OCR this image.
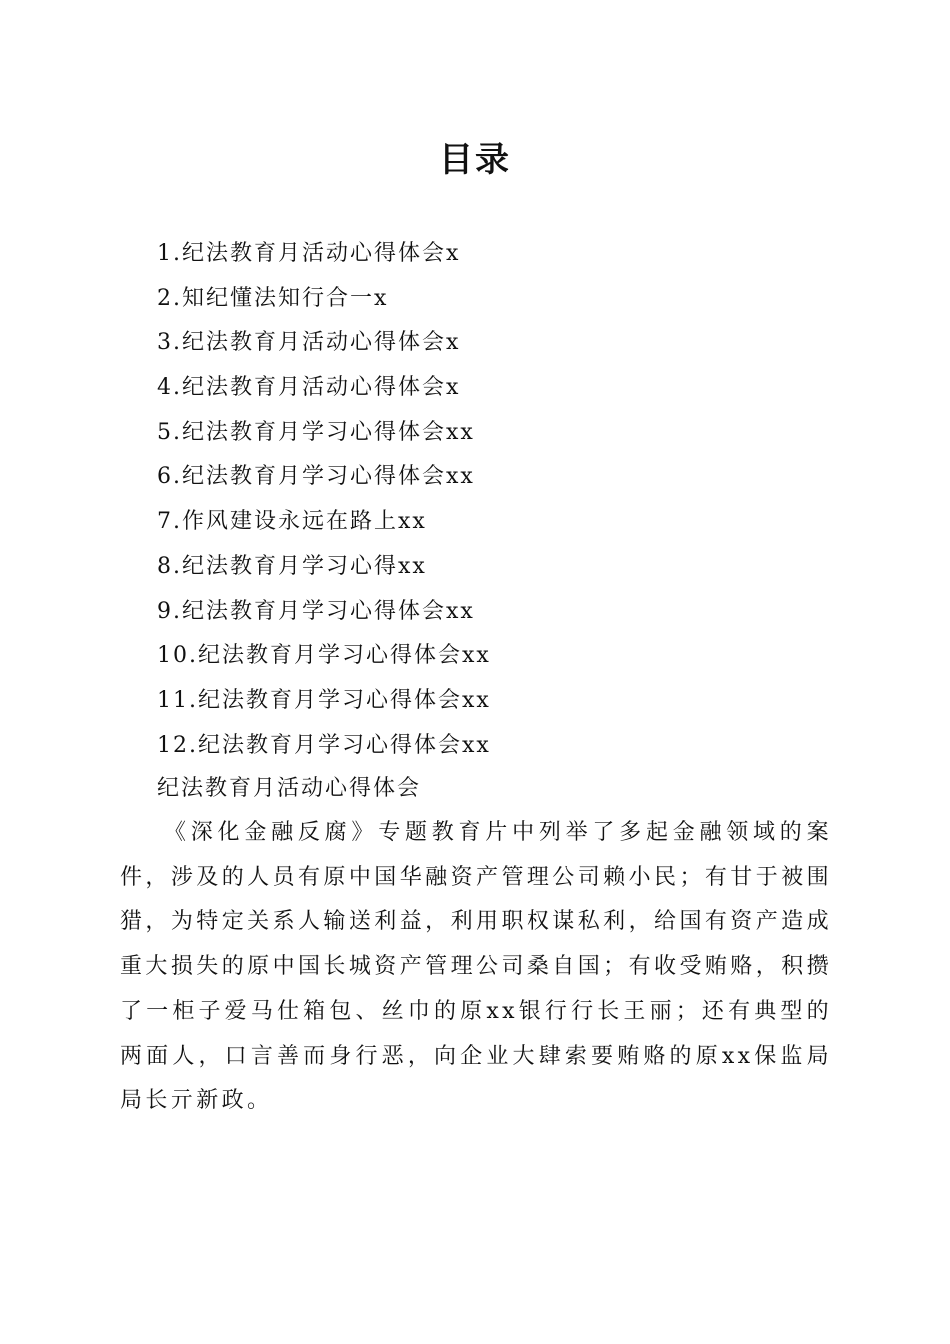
目录
1.纪法教育月活动心得体会x
2.知纪懂法知行合一x
3.纪法教育月活动心得体会x
4.纪法教育月活动心得体会x
5.纪法教育月学习心得体会xx
6.纪法教育月学习心得体会xx
7.作风建设永远在路上xx
8.纪法教育月学习心得xx
9.纪法教育月学习心得体会xx
10.纪法教育月学习心得体会xx
11.纪法教育月学习心得体会xx
12.纪法教育月学习心得体会xx
纪法教育月活动心得体会

《深化金融反腐》专题教育片中列举了多起金融领域的案件，涉及的人员有原中国华融资产管理公司赖小民；有甘于被围猎，为特定关系人输送利益，利用职权谋私利，给国有资产造成重大损失的原中国长城资产管理公司桑自国；有收受贿赂，积攒了一柜子爱马仕箱包、丝巾的原xx银行行长王丽；还有典型的两面人，口言善而身行恶，向企业大肆索要贿赂的原xx保监局局长亓新政。
